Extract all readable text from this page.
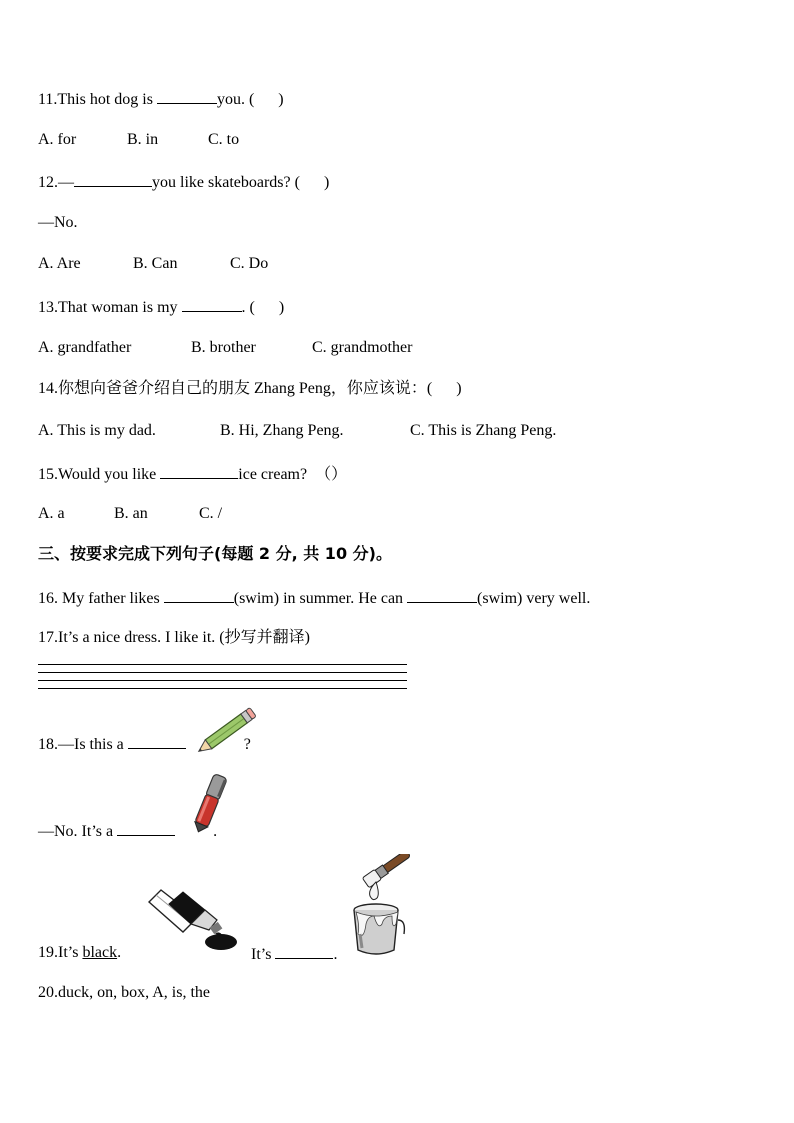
11.This hot dog is	you. (      )
A. for	B. in	C. to
12.—	you like skateboards? (      )
—No.
A. Are	B. Can	C. Do
13.That woman is my	. (      )
A. grandfather	B. brother	C. grandmother
14.你想向爸爸介绍自己的朋友 Zhang Peng，你应该说：(      )
A. This is my dad.	B. Hi, Zhang Peng.	C. This is Zhang Peng.
15.Would you like	ice cream?  （）
A. a	B. an	C. /
三、按要求完成下列句子(每题 2 分, 共 10 分)。
16. My father likes	(swim) in summer. He can	(swim) very well.
17.It’s a nice dress. I like it. (抄写并翻译)
18.—Is this a	?
—No. It’s a	.
19.It’s black.	It’s	.
20.duck, on, box, A, is, the
